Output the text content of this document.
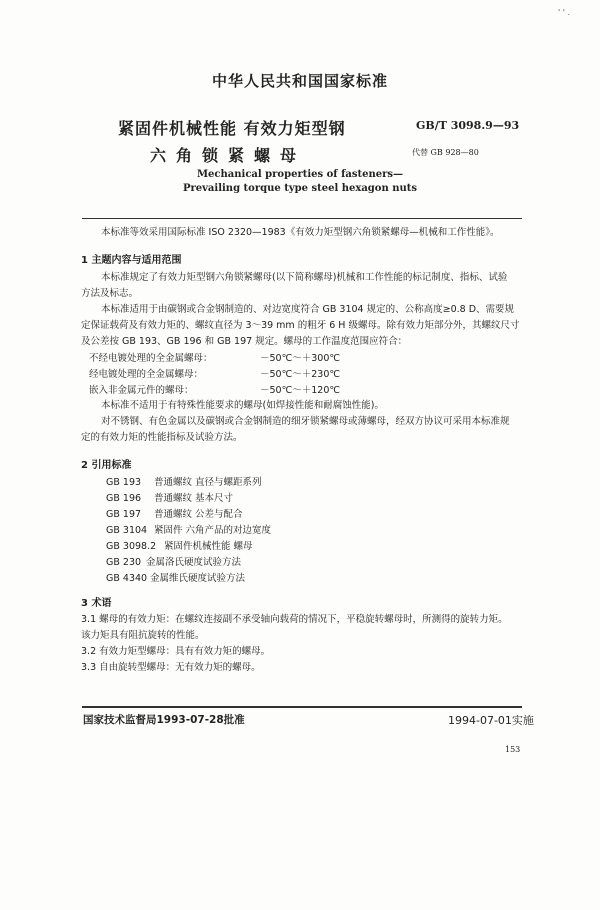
' ' .
中华人民共和国国家标准
紧固件机械性能 有效力矩型钢
六角锁紧螺母
GB/T 3098.9—93
代替 GB 928—80
Mechanical properties of fasteners—
Prevailing torque type steel hexagon nuts
本标准等效采用国际标准 ISO 2320—1983《有效力矩型钢六角锁紧螺母—机械和工作性能》。
1 主题内容与适用范围
本标准规定了有效力矩型钢六角锁紧螺母(以下简称螺母)机械和工作性能的标记制度、指标、试验
方法及标志。
本标准适用于由碳钢或合金钢制造的、对边宽度符合 GB 3104 规定的、公称高度≥0.8 D、需要规
定保证载荷及有效力矩的、螺纹直径为 3～39 mm 的粗牙 6 H 级螺母。除有效力矩部分外，其螺纹尺寸
及公差按 GB 193、GB 196 和 GB 197 规定。螺母的工作温度范围应符合：
不经电镀处理的全金属螺母：	－50℃～＋300℃
经电镀处理的全金属螺母：	－50℃～＋230℃
嵌入非金属元件的螺母：	－50℃～＋120℃
本标准不适用于有特殊性能要求的螺母(如焊接性能和耐腐蚀性能)。
对不锈钢、有色金属以及碳钢或合金钢制造的细牙锁紧螺母或薄螺母，经双方协议可采用本标准规
定的有效力矩的性能指标及试验方法。
2 引用标准
GB 193 普通螺纹 直径与螺距系列
GB 196 普通螺纹 基本尺寸
GB 197 普通螺纹 公差与配合
GB 3104 紧固件 六角产品的对边宽度
GB 3098.2 紧固件机械性能 螺母
GB 230 金属洛氏硬度试验方法
GB 4340 金属维氏硬度试验方法
3 术语
3.1 螺母的有效力矩：在螺纹连接副不承受轴向载荷的情况下，平稳旋转螺母时，所测得的旋转力矩。
该力矩具有阻抗旋转的性能。
3.2 有效力矩型螺母：具有有效力矩的螺母。
3.3 自由旋转型螺母：无有效力矩的螺母。
国家技术监督局1993-07-28批准	1994-07-01实施
153
